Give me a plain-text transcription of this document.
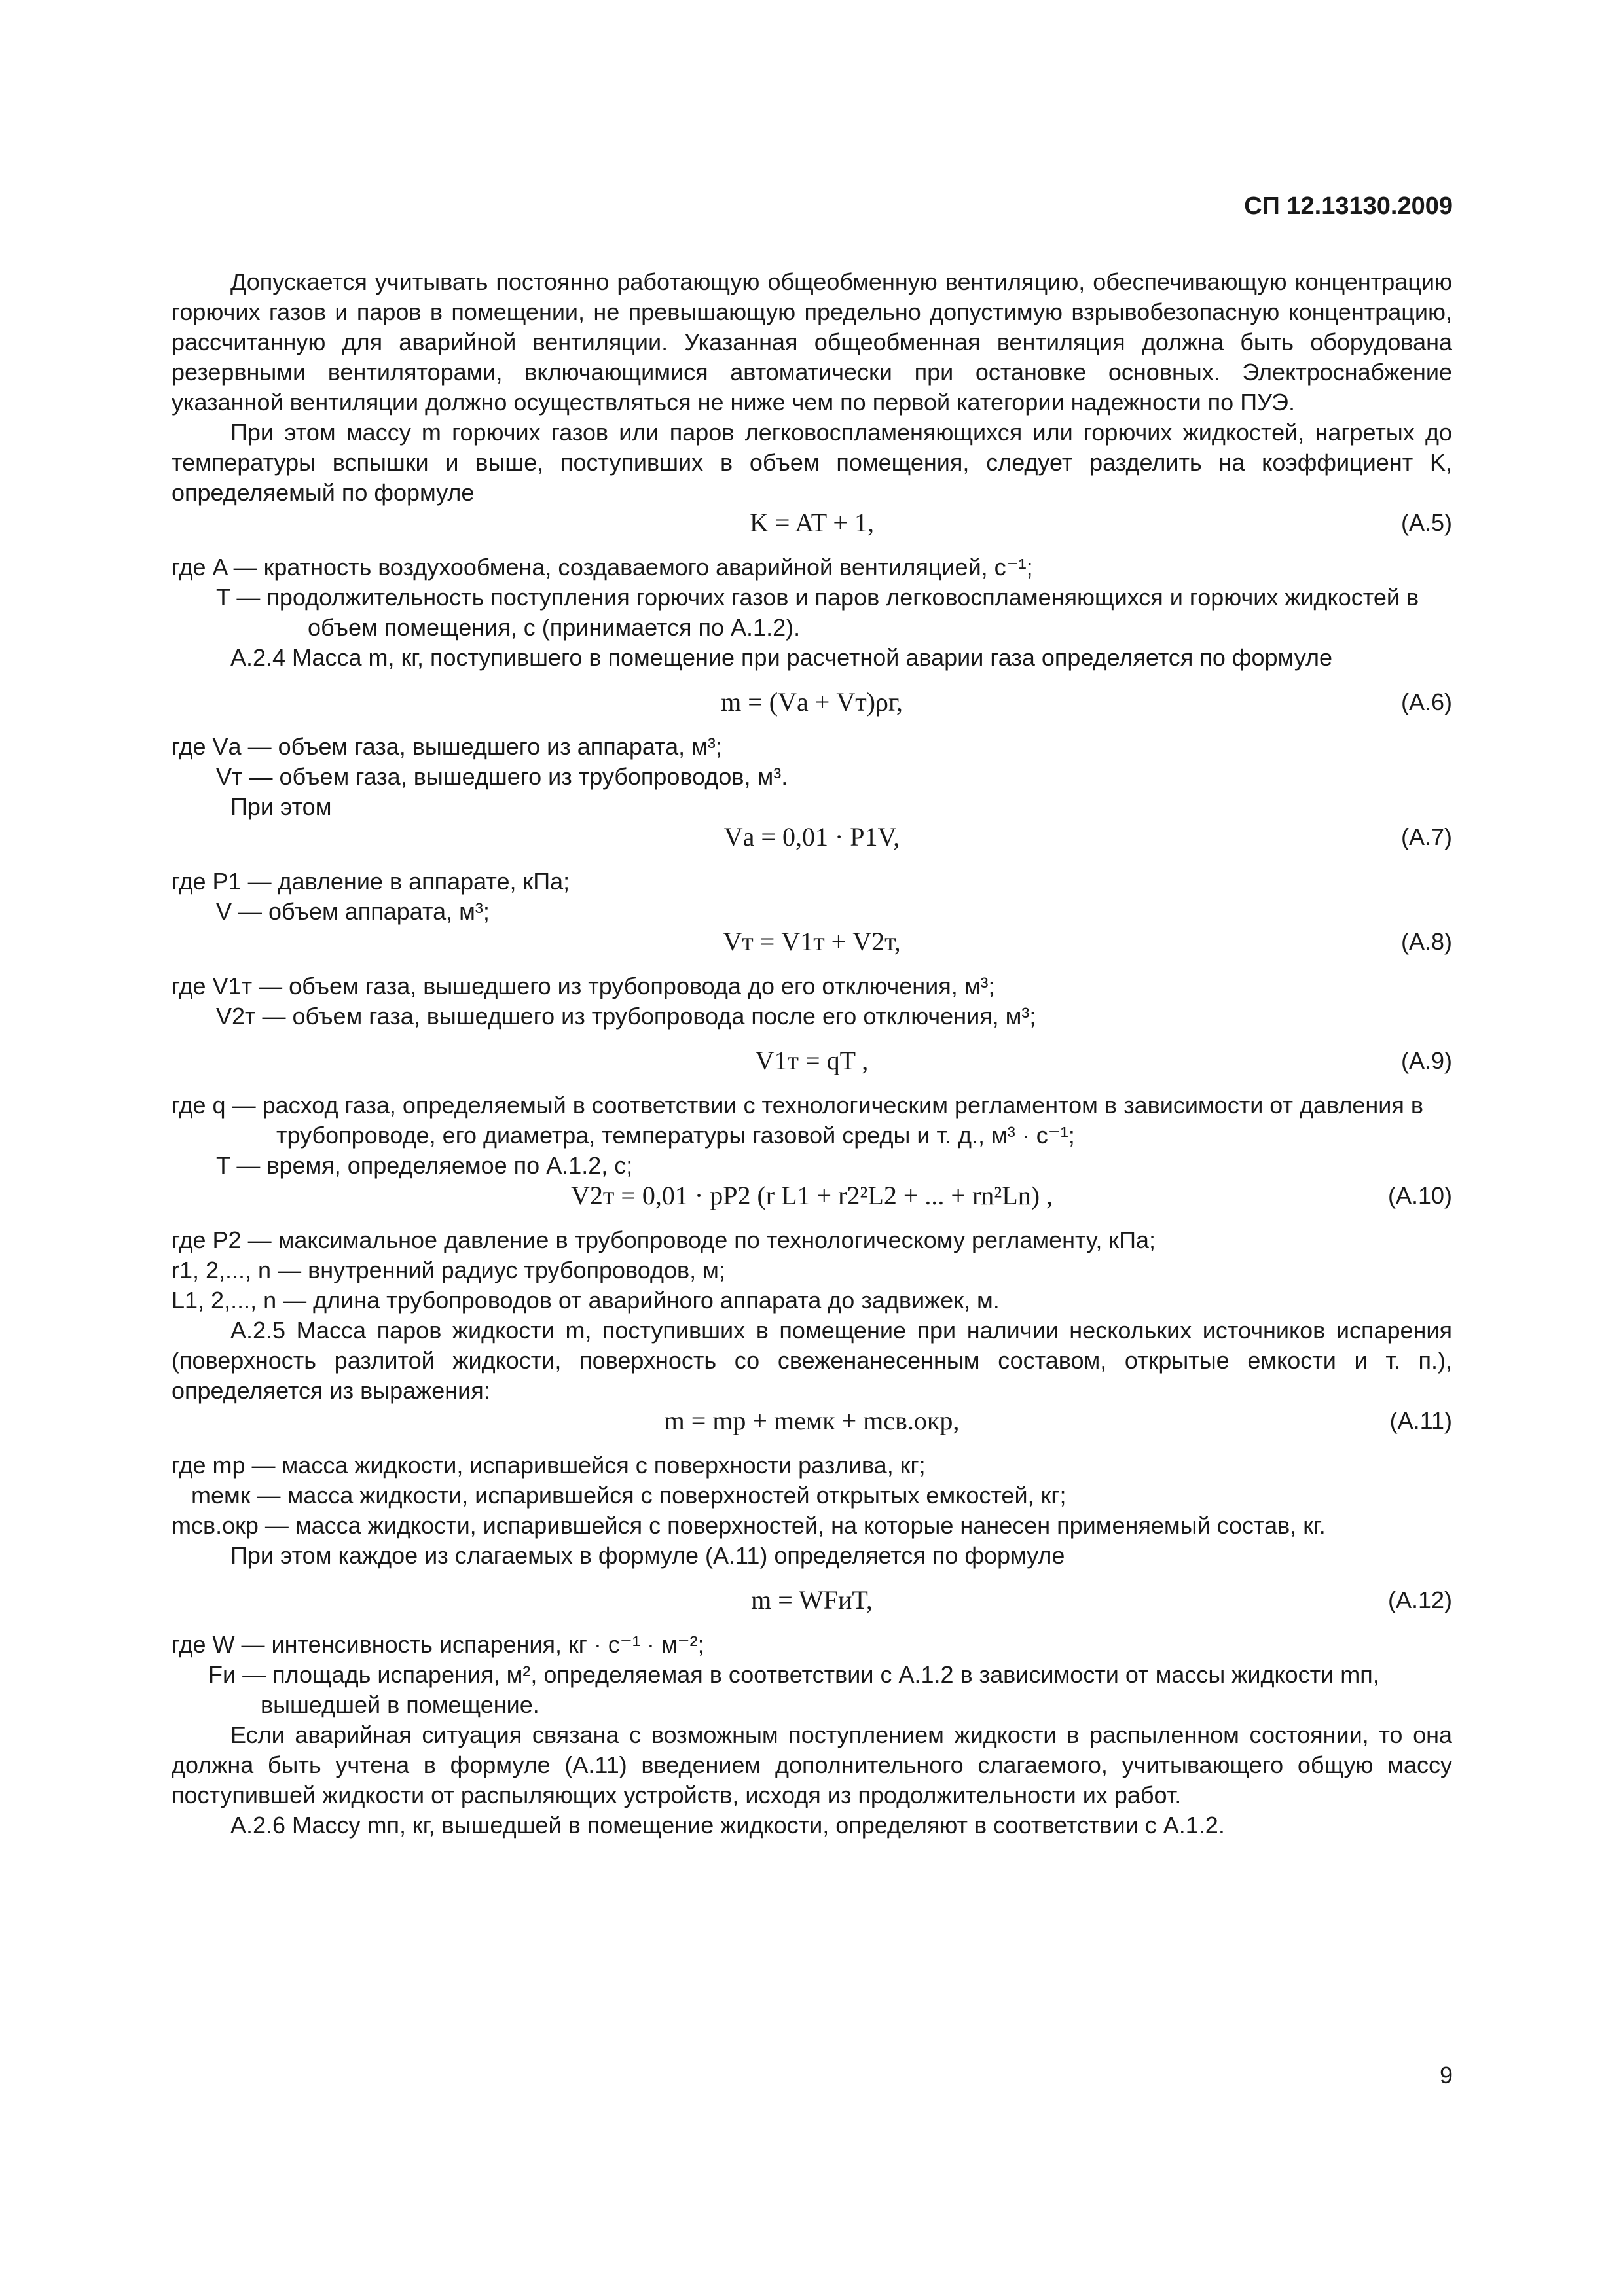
СП 12.13130.2009

Допускается учитывать постоянно работающую общеобменную вентиляцию, обеспечивающую концентрацию горючих газов и паров в помещении, не превышающую предельно допустимую взрывобезопасную концентрацию, рассчитанную для аварийной вентиляции. Указанная общеобменная вентиляция должна быть оборудована резервными вентиляторами, включающимися автоматически при остановке основных. Электроснабжение указанной вентиляции должно осуществляться не ниже чем по первой категории надежности по ПУЭ.

При этом массу m горючих газов или паров легковоспламеняющихся или горючих жидкостей, нагретых до температуры вспышки и выше, поступивших в объем помещения, следует разделить на коэффициент K, определяемый по формуле

K = AT + 1,	(А.5)

где A — кратность воздухообмена, создаваемого аварийной вентиляцией, с⁻¹;

T — продолжительность поступления горючих газов и паров легковоспламеняющихся и горючих жидкостей в объем помещения, с (принимается по А.1.2).

А.2.4 Масса m, кг, поступившего в помещение при расчетной аварии газа определяется по формуле

m = (Vа + Vт)ρг,	(А.6)

где Vа — объем газа, вышедшего из аппарата, м³;

Vт — объем газа, вышедшего из трубопроводов, м³.

При этом

Vа = 0,01 · P1V,	(А.7)

где P1 — давление в аппарате, кПа;

V — объем аппарата, м³;

Vт = V1т + V2т,	(А.8)

где V1т — объем газа, вышедшего из трубопровода до его отключения, м³;

V2т — объем газа, вышедшего из трубопровода после его отключения, м³;

V1т = qT ,	(А.9)

где q — расход газа, определяемый в соответствии с технологическим регламентом в зависимости от давления в трубопроводе, его диаметра, температуры газовой среды и т. д., м³ · с⁻¹;

T — время, определяемое по А.1.2, с;

V2т = 0,01 · pP2 (r L1 + r2²L2 + ... + rn²Ln) ,	(А.10)

где P2 — максимальное давление в трубопроводе по технологическому регламенту, кПа;

r1, 2,..., n — внутренний радиус трубопроводов, м;

L1, 2,..., n — длина трубопроводов от аварийного аппарата до задвижек, м.

А.2.5 Масса паров жидкости m, поступивших в помещение при наличии нескольких источников испарения (поверхность разлитой жидкости, поверхность со свеженанесенным составом, открытые емкости и т. п.), определяется из выражения:

m = mр + mемк + mсв.окр,	(А.11)

где mр — масса жидкости, испарившейся с поверхности разлива, кг;

mемк — масса жидкости, испарившейся с поверхностей открытых емкостей, кг;

mсв.окр — масса жидкости, испарившейся с поверхностей, на которые нанесен применяемый состав, кг.

При этом каждое из слагаемых в формуле (А.11) определяется по формуле

m = WFиT,	(А.12)

где W — интенсивность испарения, кг · с⁻¹ · м⁻²;

Fи — площадь испарения, м², определяемая в соответствии с А.1.2 в зависимости от массы жидкости mп, вышедшей в помещение.

Если аварийная ситуация связана с возможным поступлением жидкости в распыленном состоянии, то она должна быть учтена в формуле (А.11) введением дополнительного слагаемого, учитывающего общую массу поступившей жидкости от распыляющих устройств, исходя из продолжительности их работ.

А.2.6 Массу mп, кг, вышедшей в помещение жидкости, определяют в соответствии с А.1.2.

9
